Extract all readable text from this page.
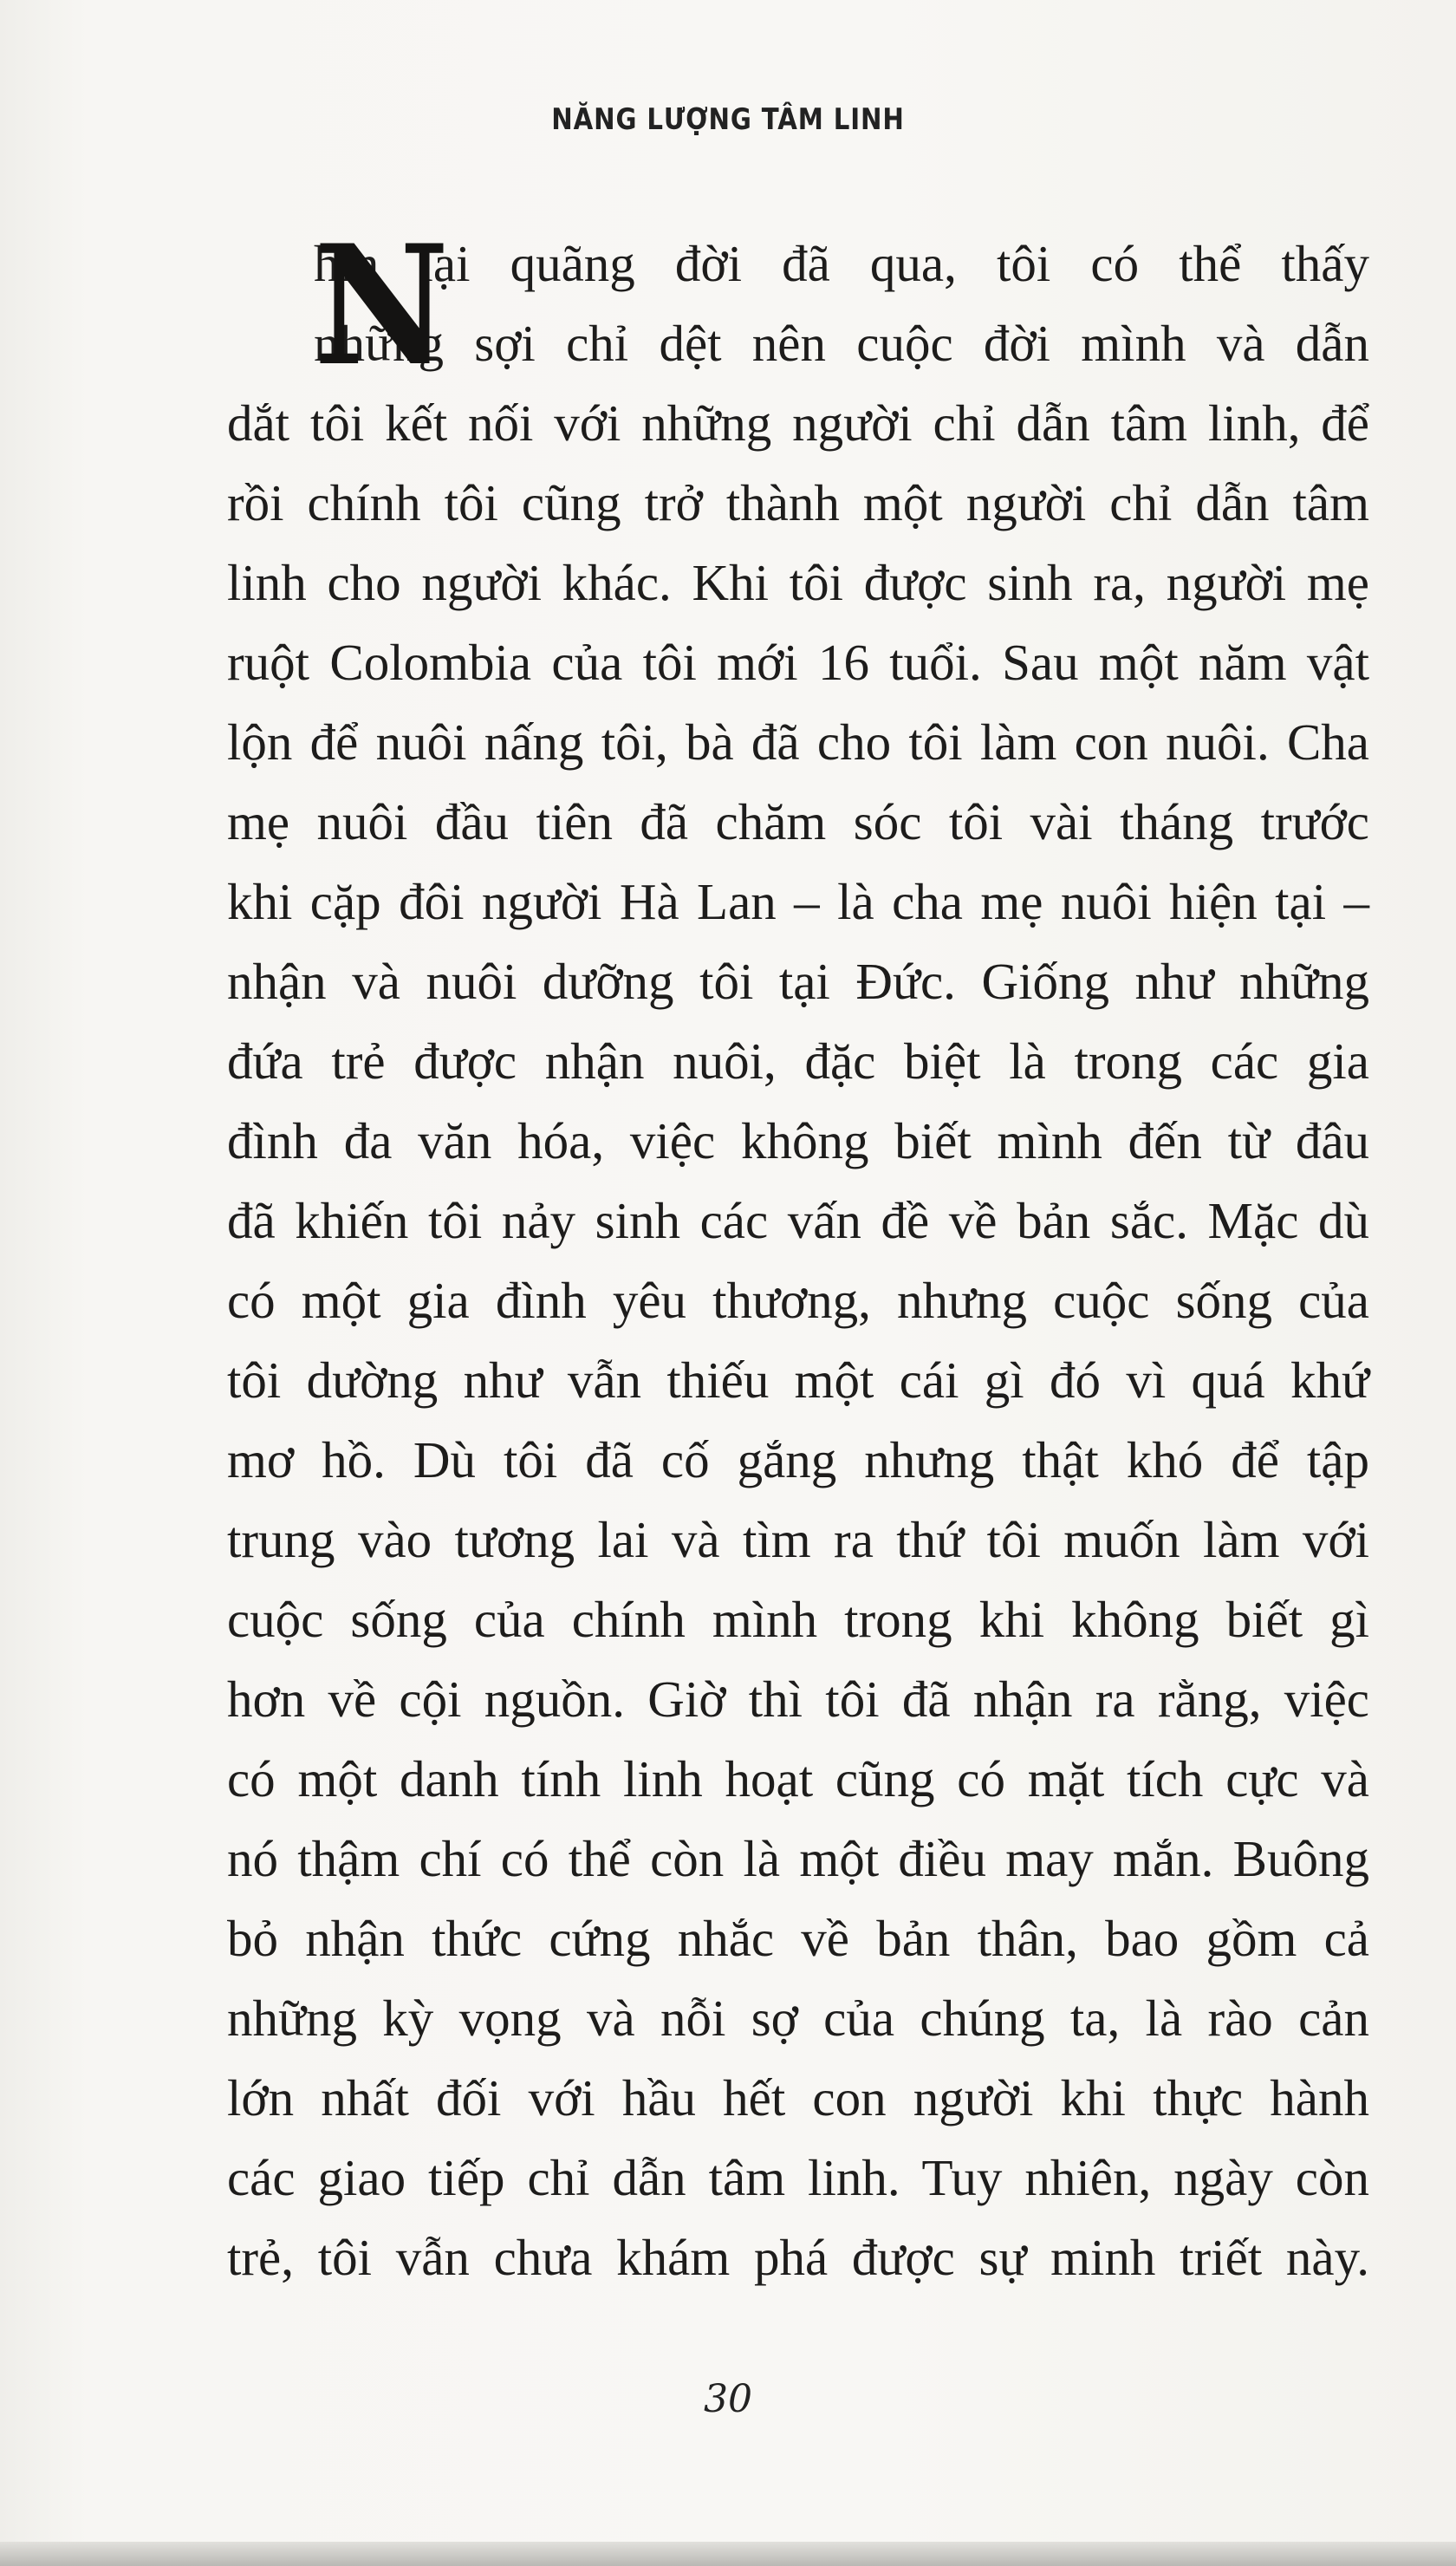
NĂNG LƯỢNG TÂM LINH
N
hìn lại quãng đời đã qua, tôi có thể thấy
những sợi chỉ dệt nên cuộc đời mình và dẫn
dắt tôi kết nối với những người chỉ dẫn tâm linh, để
rồi chính tôi cũng trở thành một người chỉ dẫn tâm
linh cho người khác. Khi tôi được sinh ra, người mẹ
ruột Colombia của tôi mới 16 tuổi. Sau một năm vật
lộn để nuôi nấng tôi, bà đã cho tôi làm con nuôi. Cha
mẹ nuôi đầu tiên đã chăm sóc tôi vài tháng trước
khi cặp đôi người Hà Lan – là cha mẹ nuôi hiện tại –
nhận và nuôi dưỡng tôi tại Đức. Giống như những
đứa trẻ được nhận nuôi, đặc biệt là trong các gia
đình đa văn hóa, việc không biết mình đến từ đâu
đã khiến tôi nảy sinh các vấn đề về bản sắc. Mặc dù
có một gia đình yêu thương, nhưng cuộc sống của
tôi dường như vẫn thiếu một cái gì đó vì quá khứ
mơ hồ. Dù tôi đã cố gắng nhưng thật khó để tập
trung vào tương lai và tìm ra thứ tôi muốn làm với
cuộc sống của chính mình trong khi không biết gì
hơn về cội nguồn. Giờ thì tôi đã nhận ra rằng, việc
có một danh tính linh hoạt cũng có mặt tích cực và
nó thậm chí có thể còn là một điều may mắn. Buông
bỏ nhận thức cứng nhắc về bản thân, bao gồm cả
những kỳ vọng và nỗi sợ của chúng ta, là rào cản
lớn nhất đối với hầu hết con người khi thực hành
các giao tiếp chỉ dẫn tâm linh. Tuy nhiên, ngày còn
trẻ, tôi vẫn chưa khám phá được sự minh triết này.
30
